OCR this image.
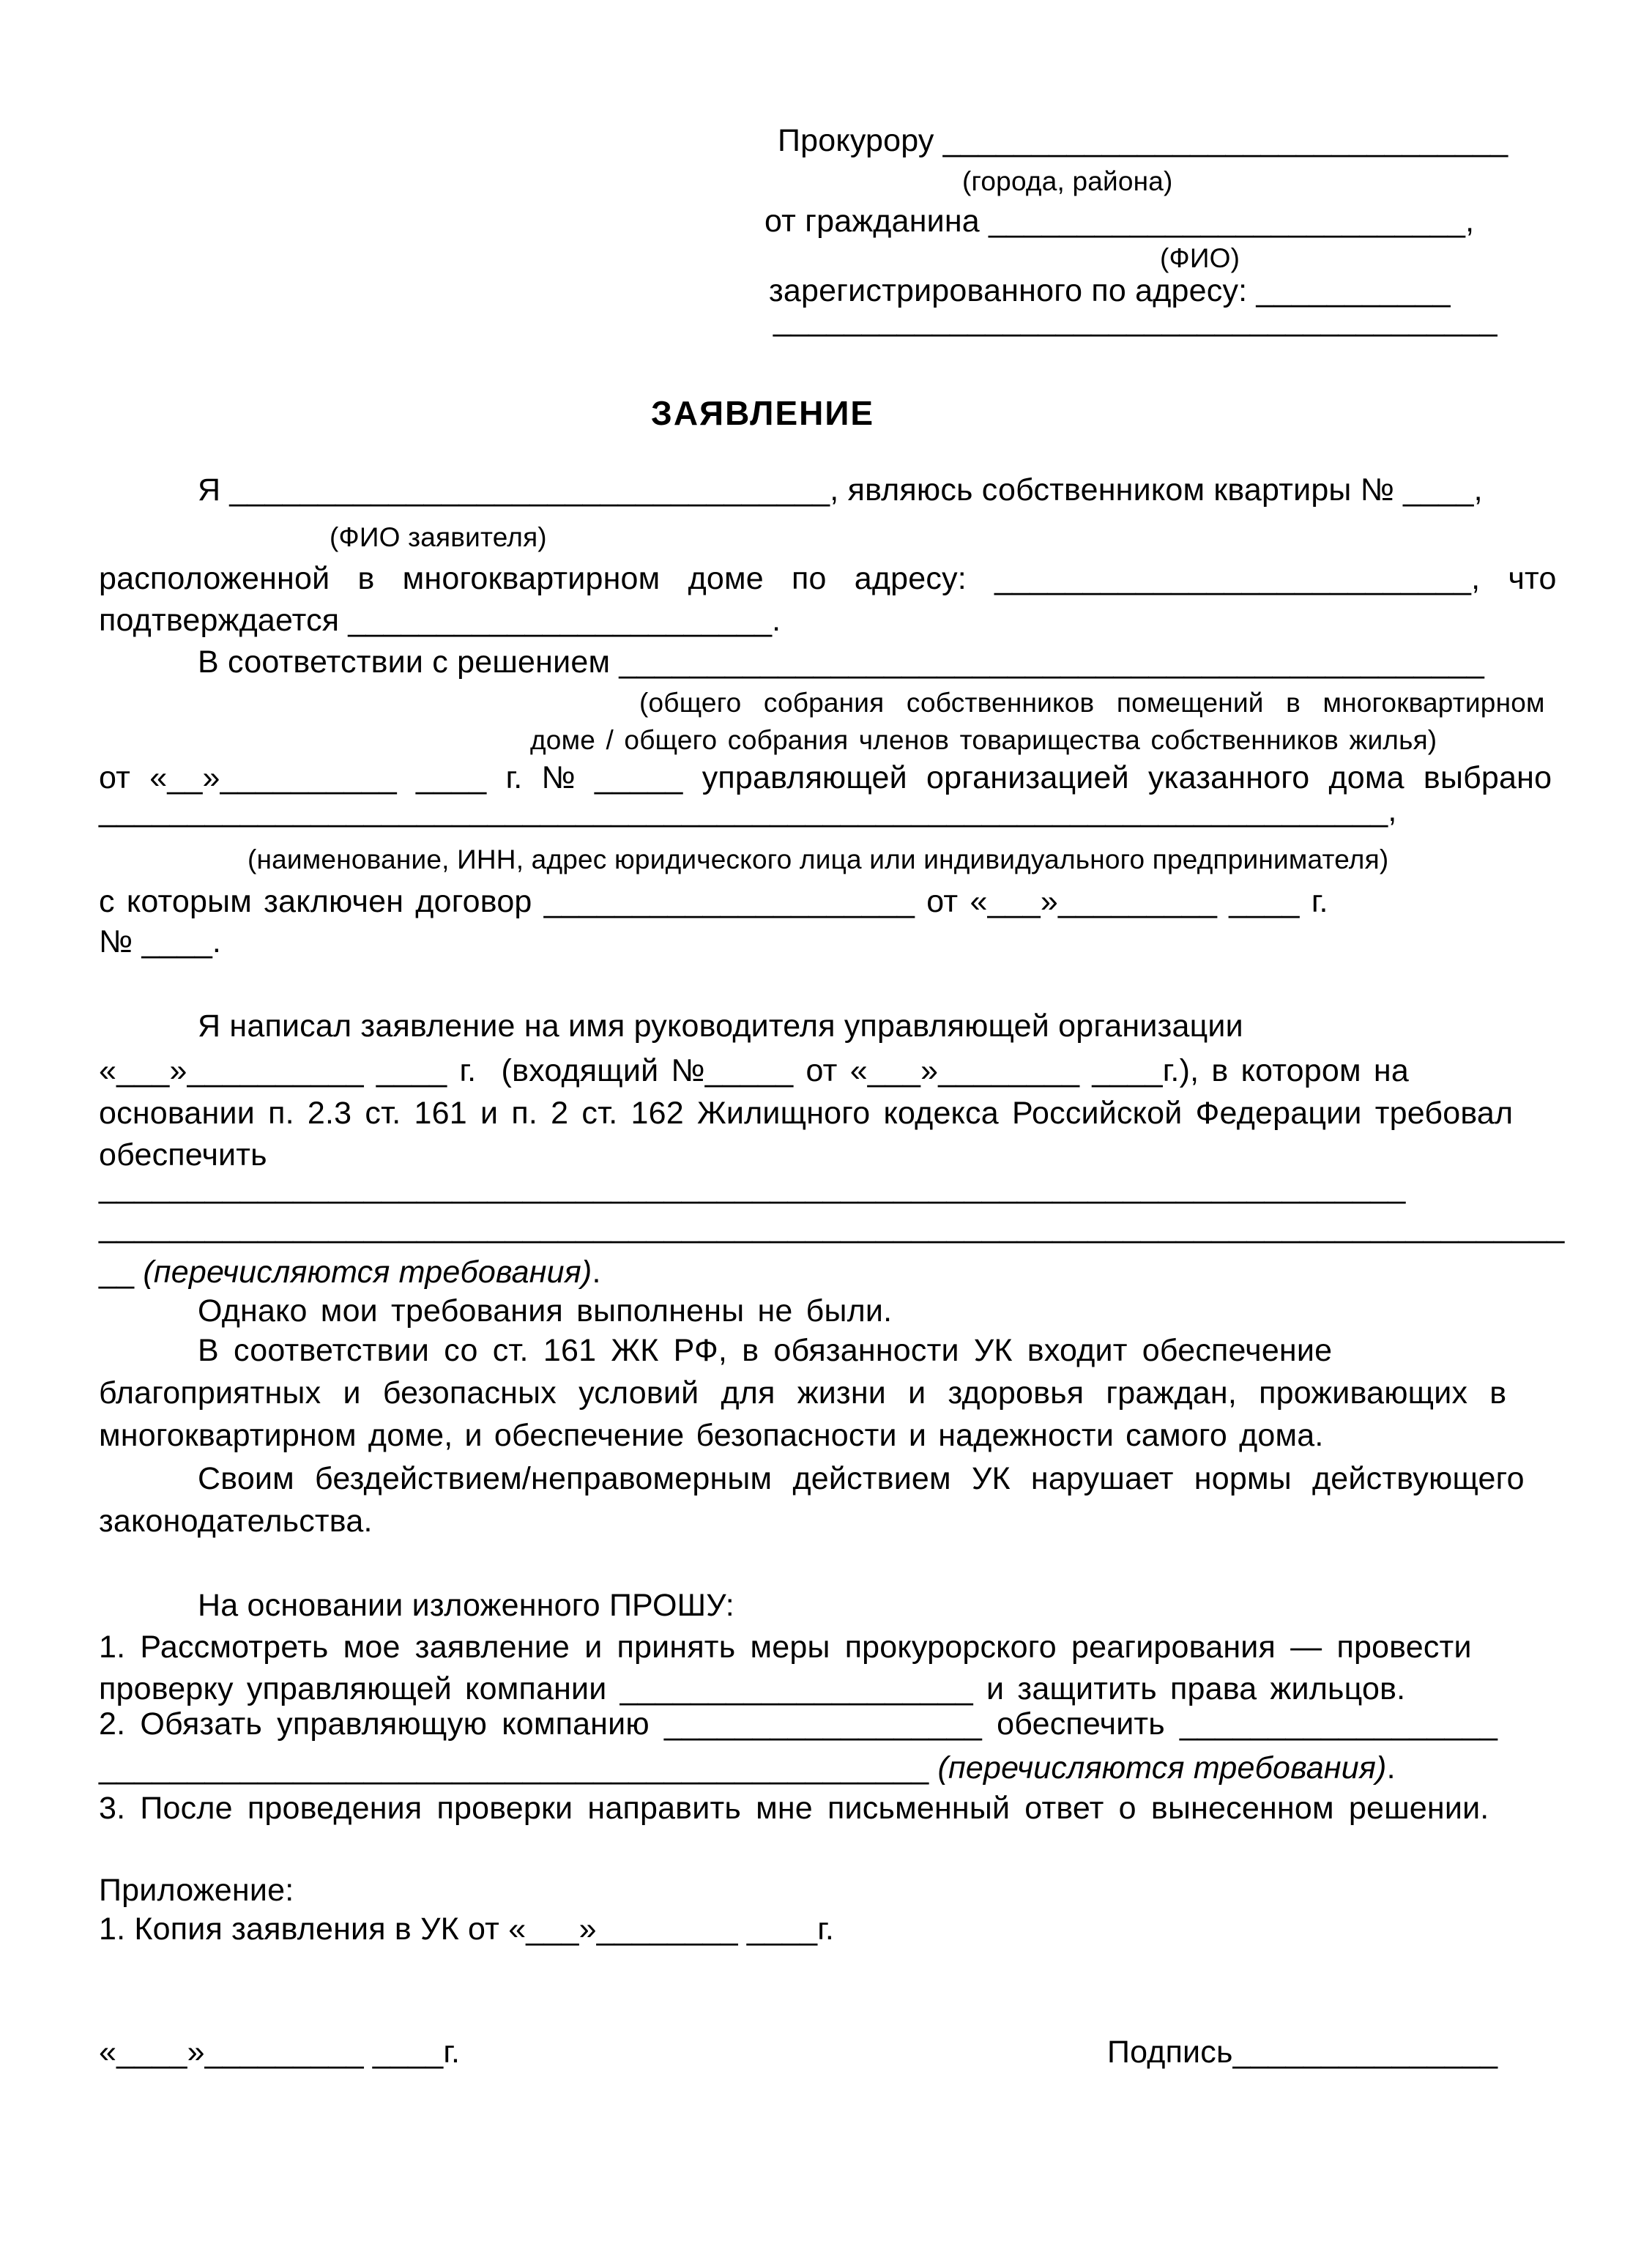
Прокурору ________________________________
(города, района)
от гражданина ___________________________,
(ФИО)
зарегистрированного по адресу: ___________
_________________________________________
ЗАЯВЛЕНИЕ
Я __________________________________, являюсь собственником квартиры № ____,
(ФИО заявителя)
расположенной в многоквартирном доме по адресу: ___________________________, что
подтверждается ________________________.
В соответствии с решением _________________________________________________
(общего собрания собственников помещений в многоквартирном
доме / общего собрания членов товарищества собственников жилья)
от «__»__________ ____ г. № _____ управляющей организацией указанного дома выбрано
_________________________________________________________________________,
(наименование, ИНН, адрес юридического лица или индивидуального предпринимателя)
с которым заключен договор _____________________ от «___»_________ ____ г.
№ ____.
Я написал заявление на имя руководителя управляющей организации
«___»__________ ____ г.  (входящий №_____ от «___»________ ____г.), в котором на
основании п. 2.3 ст. 161 и п. 2 ст. 162 Жилищного кодекса Российской Федерации требовал
обеспечить
__________________________________________________________________________
___________________________________________________________________________________
__ (перечисляются требования).
Однако мои требования выполнены не были.
В соответствии со ст. 161 ЖК РФ, в обязанности УК входит обеспечение
благоприятных и безопасных условий для жизни и здоровья граждан, проживающих в
многоквартирном доме, и обеспечение безопасности и надежности самого дома.
Своим бездействием/неправомерным действием УК нарушает нормы действующего
законодательства.
На основании изложенного ПРОШУ:
1. Рассмотреть мое заявление и принять меры прокурорского реагирования — провести
проверку управляющей компании ____________________ и защитить права жильцов.
2. Обязать управляющую компанию __________________ обеспечить __________________
_______________________________________________ (перечисляются требования).
3. После проведения проверки направить мне письменный ответ о вынесенном решении.
Приложение:
1. Копия заявления в УК от «___»________ ____г.
«____»_________ ____г.	Подпись_______________
